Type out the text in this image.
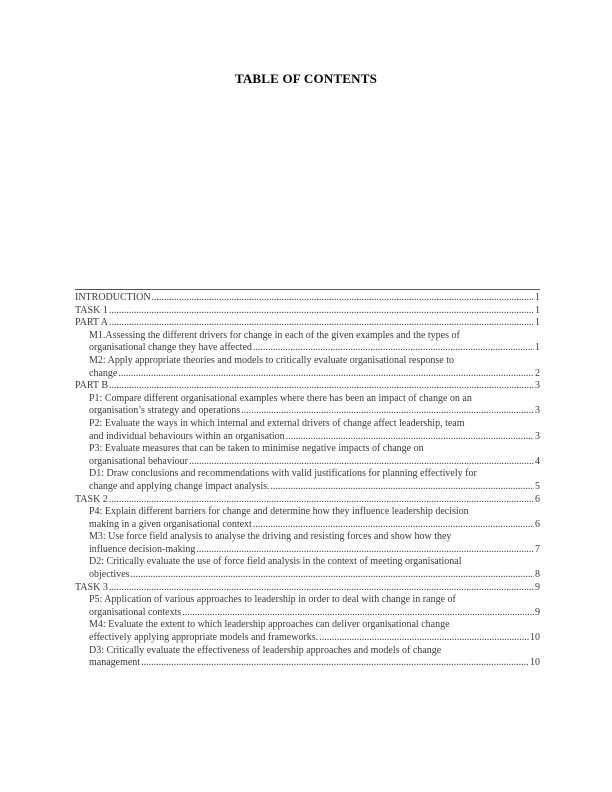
TABLE OF CONTENTS
INTRODUCTION .....	1
TASK 1 .....	1
PART A .....	1
M1.Assessing the different drivers for change in each of the given examples and the types of
organisational change they have affected .....	1
M2: Apply appropriate theories and models to critically evaluate organisational response to
change .....	2
PART B .....	3
P1: Compare different organisational examples where there has been an impact of change on an
organisation’s strategy and operations .....	3
P2: Evaluate the ways in which internal and external drivers of change affect leadership, team
and individual behaviours within an organisation .....	3
P3: Evaluate measures that can be taken to minimise negative impacts of change on
organisational behaviour .....	4
D1: Draw conclusions and recommendations with valid justifications for planning effectively for
change and applying change impact analysis. .....	5
TASK 2 .....	6
P4: Explain different barriers for change and determine how they influence leadership decision
making in a given organisational context .....	6
M3: Use force field analysis to analyse the driving and resisting forces and show how they
influence decision-making .....	7
D2: Critically evaluate the use of force field analysis in the context of meeting organisational
objectives .....	8
TASK 3 .....	9
P5: Application of various approaches to leadership in order to deal with change in range of
organisational contexts .....	9
M4: Evaluate the extent to which leadership approaches can deliver organisational change
effectively applying appropriate models and frameworks. .....	10
D3: Critically evaluate the effectiveness of leadership approaches and models of change
management .....	10
